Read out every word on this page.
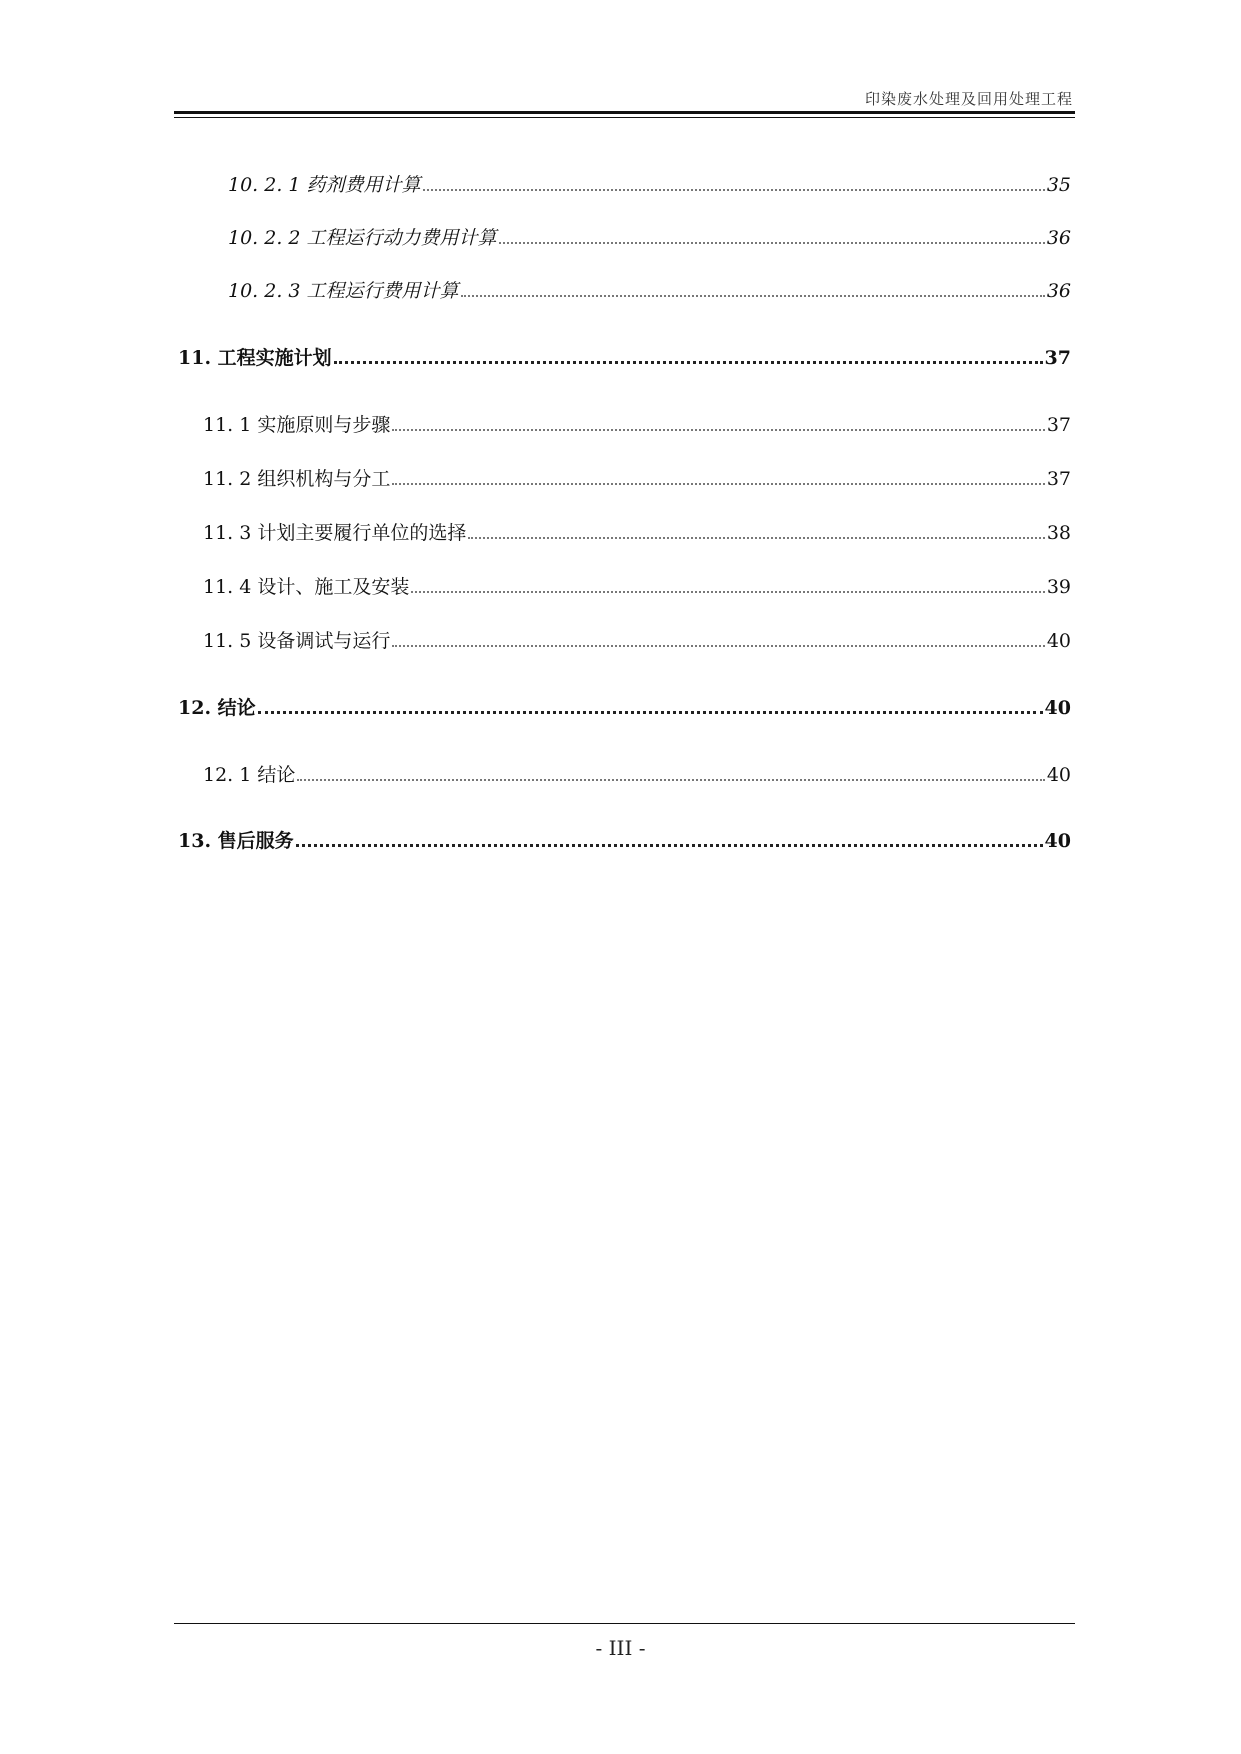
印染废水处理及回用处理工程
10. 2. 1 药剂费用计算	35
10. 2. 2 工程运行动力费用计算	36
10. 2. 3 工程运行费用计算	36
11. 工程实施计划	37
11. 1 实施原则与步骤	37
11. 2 组织机构与分工	37
11. 3 计划主要履行单位的选择	38
11. 4 设计、施工及安装	39
11. 5 设备调试与运行	40
12. 结论	40
12. 1 结论	40
13. 售后服务	40
- III -
